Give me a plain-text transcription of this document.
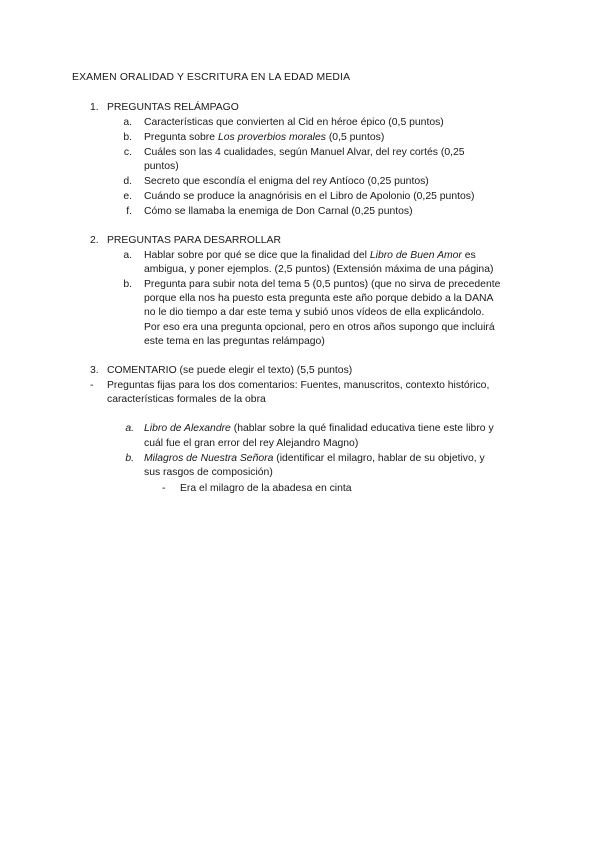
EXAMEN ORALIDAD Y ESCRITURA EN LA EDAD MEDIA
1. PREGUNTAS RELÁMPAGO
a. Características que convierten al Cid en héroe épico (0,5 puntos)
b. Pregunta sobre Los proverbios morales (0,5 puntos)
c. Cuáles son las 4 cualidades, según Manuel Alvar, del rey cortés (0,25
puntos)
d. Secreto que escondía el enigma del rey Antíoco (0,25 puntos)
e. Cuándo se produce la anagnórisis en el Libro de Apolonio (0,25 puntos)
f. Cómo se llamaba la enemiga de Don Carnal (0,25 puntos)
2. PREGUNTAS PARA DESARROLLAR
a. Hablar sobre por qué se dice que la finalidad del Libro de Buen Amor es
ambigua, y poner ejemplos. (2,5 puntos) (Extensión máxima de una página)
b. Pregunta para subir nota del tema 5 (0,5 puntos) (que no sirva de precedente
porque ella nos ha puesto esta pregunta este año porque debido a la DANA
no le dio tiempo a dar este tema y subió unos vídeos de ella explicándolo.
Por eso era una pregunta opcional, pero en otros años supongo que incluirá
este tema en las preguntas relámpago)
3. COMENTARIO (se puede elegir el texto) (5,5 puntos)
- Preguntas fijas para los dos comentarios: Fuentes, manuscritos, contexto histórico,
características formales de la obra
a. Libro de Alexandre (hablar sobre la qué finalidad educativa tiene este libro y
cuál fue el gran error del rey Alejandro Magno)
b. Milagros de Nuestra Señora (identificar el milagro, hablar de su objetivo, y
sus rasgos de composición)
- Era el milagro de la abadesa en cinta
